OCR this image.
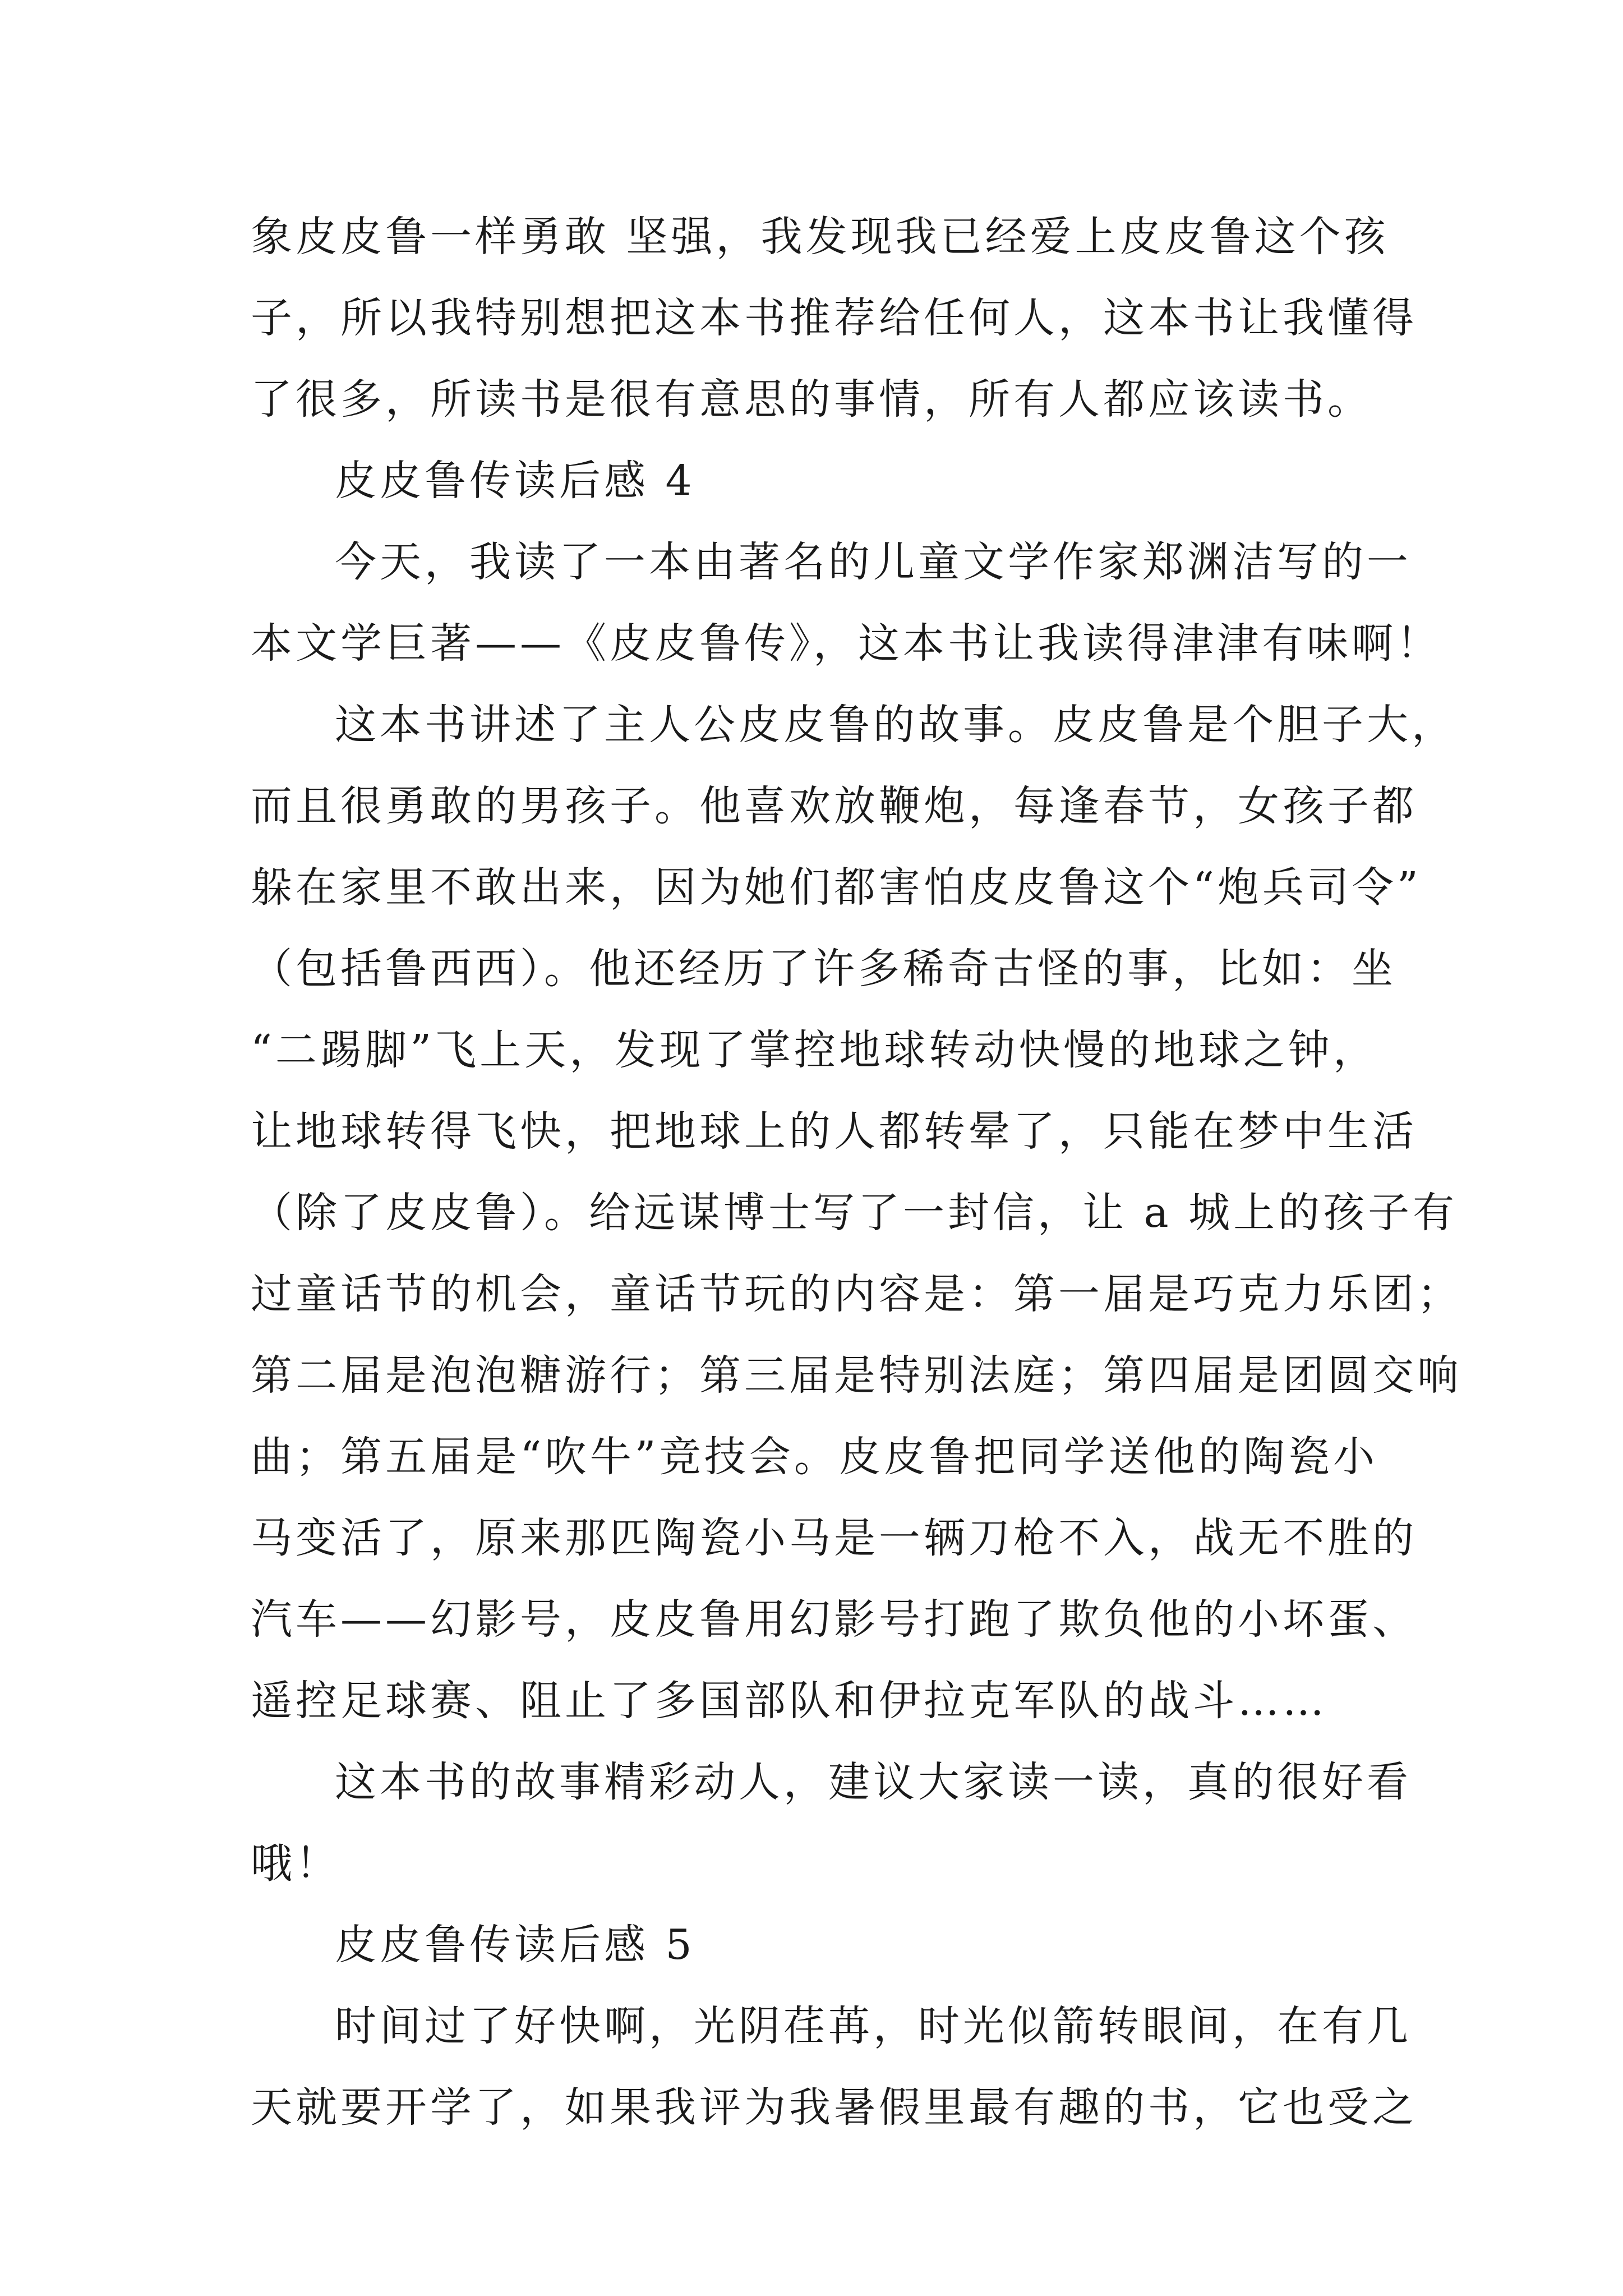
象皮皮鲁一样勇敢 坚强，我发现我已经爱上皮皮鲁这个孩
子，所以我特别想把这本书推荐给任何人，这本书让我懂得
了很多，所读书是很有意思的事情，所有人都应该读书。
皮皮鲁传读后感 4
今天，我读了一本由著名的儿童文学作家郑渊洁写的一
本文学巨著——《皮皮鲁传》，这本书让我读得津津有味啊！
这本书讲述了主人公皮皮鲁的故事。皮皮鲁是个胆子大，
而且很勇敢的男孩子。他喜欢放鞭炮，每逢春节，女孩子都
躲在家里不敢出来，因为她们都害怕皮皮鲁这个“炮兵司令”
（包括鲁西西）。他还经历了许多稀奇古怪的事，比如：坐
“二踢脚”飞上天，发现了掌控地球转动快慢的地球之钟，
让地球转得飞快，把地球上的人都转晕了，只能在梦中生活
（除了皮皮鲁）。给远谋博士写了一封信，让 a 城上的孩子有
过童话节的机会，童话节玩的内容是：第一届是巧克力乐团；
第二届是泡泡糖游行；第三届是特别法庭；第四届是团圆交响
曲；第五届是“吹牛”竞技会。皮皮鲁把同学送他的陶瓷小
马变活了，原来那匹陶瓷小马是一辆刀枪不入，战无不胜的
汽车——幻影号，皮皮鲁用幻影号打跑了欺负他的小坏蛋、
遥控足球赛、阻止了多国部队和伊拉克军队的战斗……
这本书的故事精彩动人，建议大家读一读，真的很好看
哦！
皮皮鲁传读后感 5
时间过了好快啊，光阴荏苒，时光似箭转眼间，在有几
天就要开学了，如果我评为我暑假里最有趣的书，它也受之
